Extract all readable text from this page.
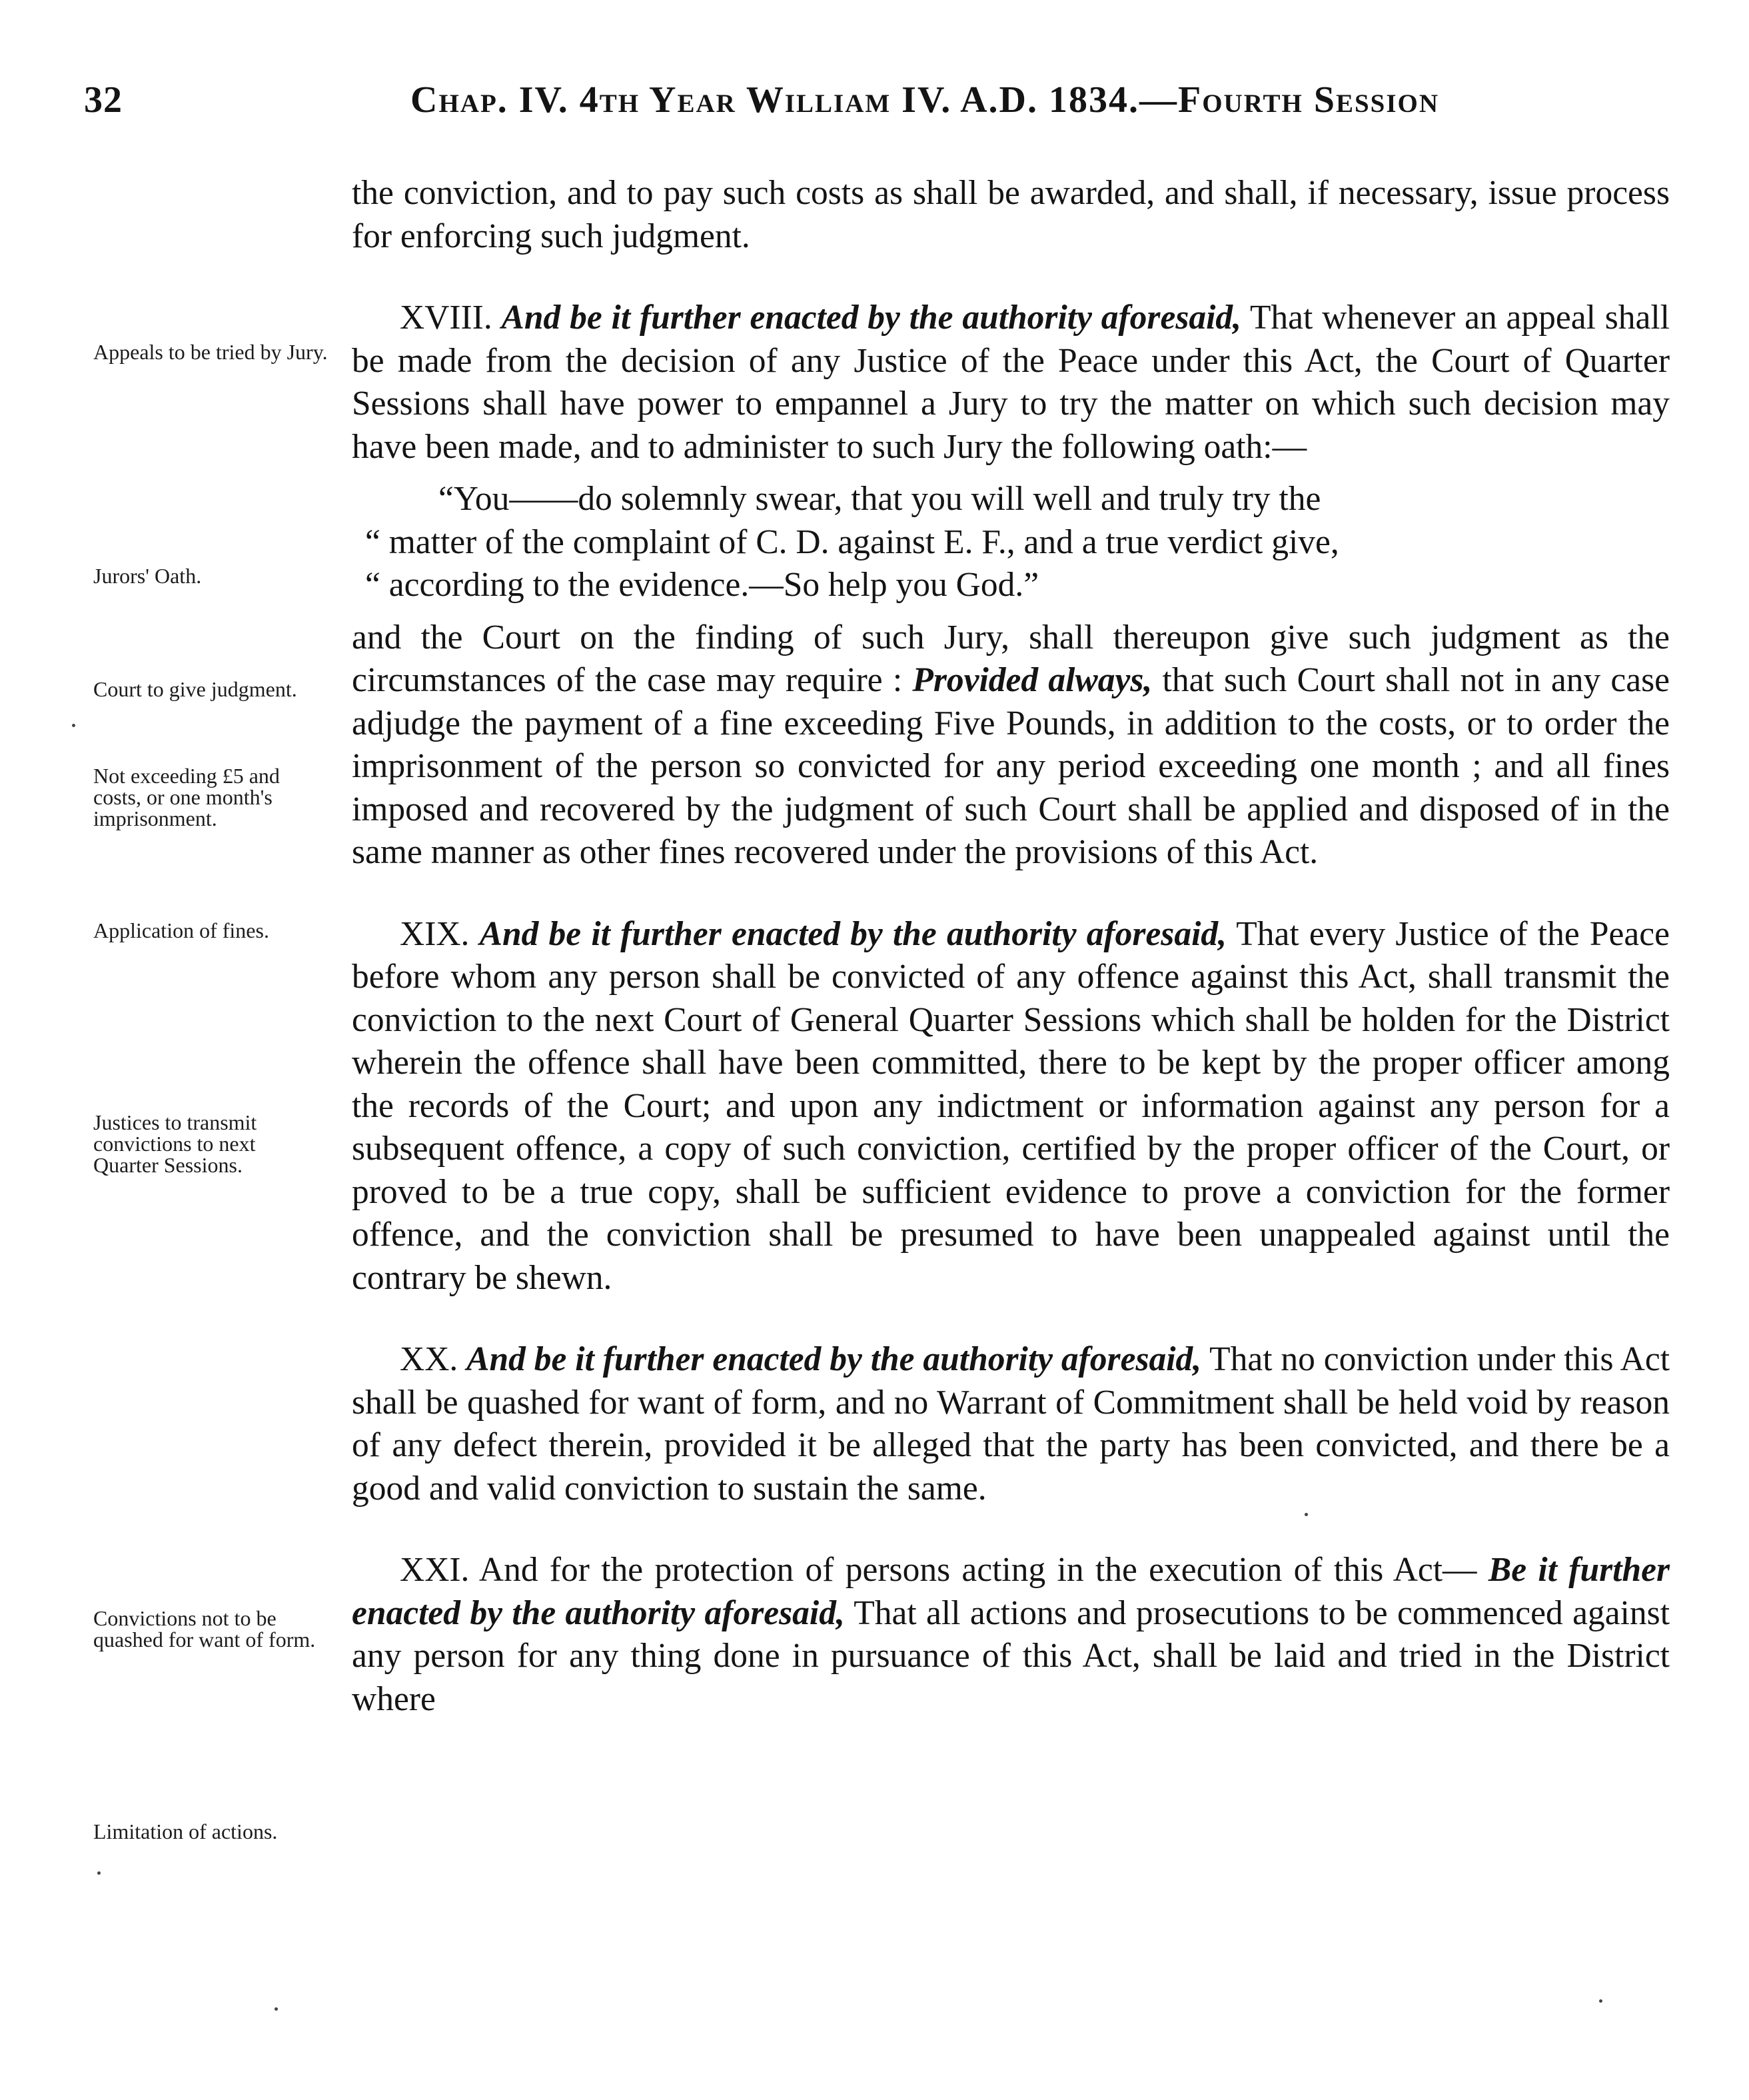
32	Chap. IV. 4th Year William IV. A.D. 1834.—Fourth Session
Appeals to be tried by Jury.
Jurors' Oath.
Court to give judgment.
Not exceeding £5 and costs, or one month's imprisonment.
Application of fines.
Justices to transmit convictions to next Quarter Sessions.
Convictions not to be quashed for want of form.
Limitation of actions.

the conviction, and to pay such costs as shall be awarded, and shall, if necessary, issue process for enforcing such judgment.

XVIII. And be it further enacted by the authority aforesaid, That whenever an appeal shall be made from the decision of any Justice of the Peace under this Act, the Court of Quarter Sessions shall have power to empannel a Jury to try the matter on which such decision may have been made, and to administer to such Jury the following oath:—

“You——do solemnly swear, that you will well and truly try the
“ matter of the complaint of C. D. against E. F., and a true verdict give,
“ according to the evidence.—So help you God.”

and the Court on the finding of such Jury, shall thereupon give such judgment as the circumstances of the case may require : Provided always, that such Court shall not in any case adjudge the payment of a fine exceeding Five Pounds, in addition to the costs, or to order the imprisonment of the person so convicted for any period exceeding one month ; and all fines imposed and recovered by the judgment of such Court shall be applied and disposed of in the same manner as other fines recovered under the provisions of this Act.

XIX. And be it further enacted by the authority aforesaid, That every Justice of the Peace before whom any person shall be convicted of any offence against this Act, shall transmit the conviction to the next Court of General Quarter Sessions which shall be holden for the District wherein the offence shall have been committed, there to be kept by the proper officer among the records of the Court; and upon any indictment or information against any person for a subsequent offence, a copy of such conviction, certified by the proper officer of the Court, or proved to be a true copy, shall be sufficient evidence to prove a conviction for the former offence, and the conviction shall be presumed to have been unappealed against until the contrary be shewn.

XX. And be it further enacted by the authority aforesaid, That no conviction under this Act shall be quashed for want of form, and no Warrant of Commitment shall be held void by reason of any defect therein, provided it be alleged that the party has been convicted, and there be a good and valid conviction to sustain the same.

XXI. And for the protection of persons acting in the execution of this Act— Be it further enacted by the authority aforesaid, That all actions and prosecutions to be commenced against any person for any thing done in pursuance of this Act, shall be laid and tried in the District where
